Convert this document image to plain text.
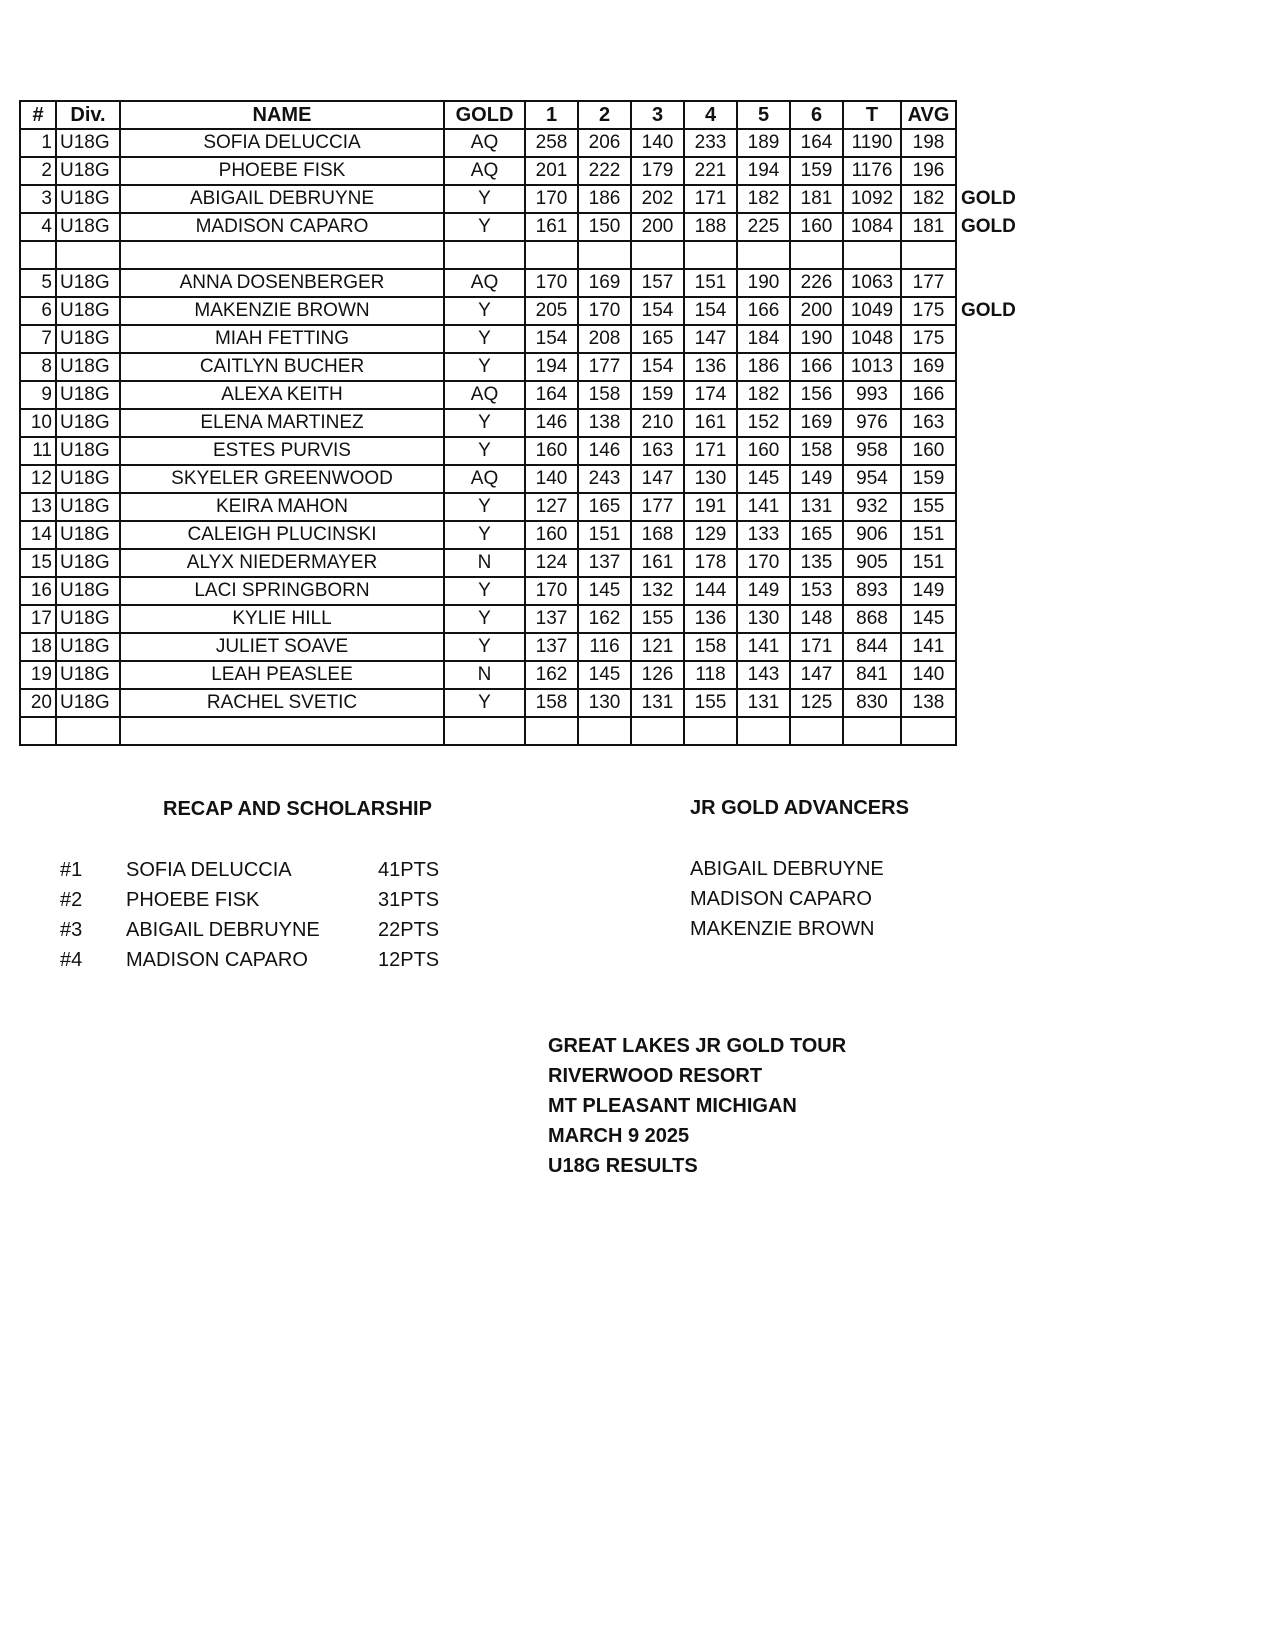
#	Div.	NAME	GOLD	1	2	3	4	5	6	T	AVG	
1	U18G	SOFIA DELUCCIA	AQ	258	206	140	233	189	164	1190	198	
2	U18G	PHOEBE FISK	AQ	201	222	179	221	194	159	1176	196	
3	U18G	ABIGAIL DEBRUYNE	Y	170	186	202	171	182	181	1092	182	GOLD
4	U18G	MADISON CAPARO	Y	161	150	200	188	225	160	1084	181	GOLD

5	U18G	ANNA DOSENBERGER	AQ	170	169	157	151	190	226	1063	177	
6	U18G	MAKENZIE BROWN	Y	205	170	154	154	166	200	1049	175	GOLD
7	U18G	MIAH FETTING	Y	154	208	165	147	184	190	1048	175	
8	U18G	CAITLYN BUCHER	Y	194	177	154	136	186	166	1013	169	
9	U18G	ALEXA KEITH	AQ	164	158	159	174	182	156	993	166	
10	U18G	ELENA MARTINEZ	Y	146	138	210	161	152	169	976	163	
11	U18G	ESTES PURVIS	Y	160	146	163	171	160	158	958	160	
12	U18G	SKYELER GREENWOOD	AQ	140	243	147	130	145	149	954	159	
13	U18G	KEIRA MAHON	Y	127	165	177	191	141	131	932	155	
14	U18G	CALEIGH PLUCINSKI	Y	160	151	168	129	133	165	906	151	
15	U18G	ALYX NIEDERMAYER	N	124	137	161	178	170	135	905	151	
16	U18G	LACI SPRINGBORN	Y	170	145	132	144	149	153	893	149	
17	U18G	KYLIE HILL	Y	137	162	155	136	130	148	868	145	
18	U18G	JULIET SOAVE	Y	137	116	121	158	141	171	844	141	
19	U18G	LEAH PEASLEE	N	162	145	126	118	143	147	841	140	
20	U18G	RACHEL SVETIC	Y	158	130	131	155	131	125	830	138	

RECAP AND SCHOLARSHIP
#1 SOFIA DELUCCIA	41PTS
#2 PHOEBE FISK	31PTS
#3 ABIGAIL DEBRUYNE	22PTS
#4 MADISON CAPARO	12PTS
JR GOLD ADVANCERS
ABIGAIL DEBRUYNE
MADISON CAPARO
MAKENZIE BROWN
GREAT LAKES JR GOLD TOUR
RIVERWOOD RESORT
MT PLEASANT MICHIGAN
MARCH 9 2025
U18G RESULTS
